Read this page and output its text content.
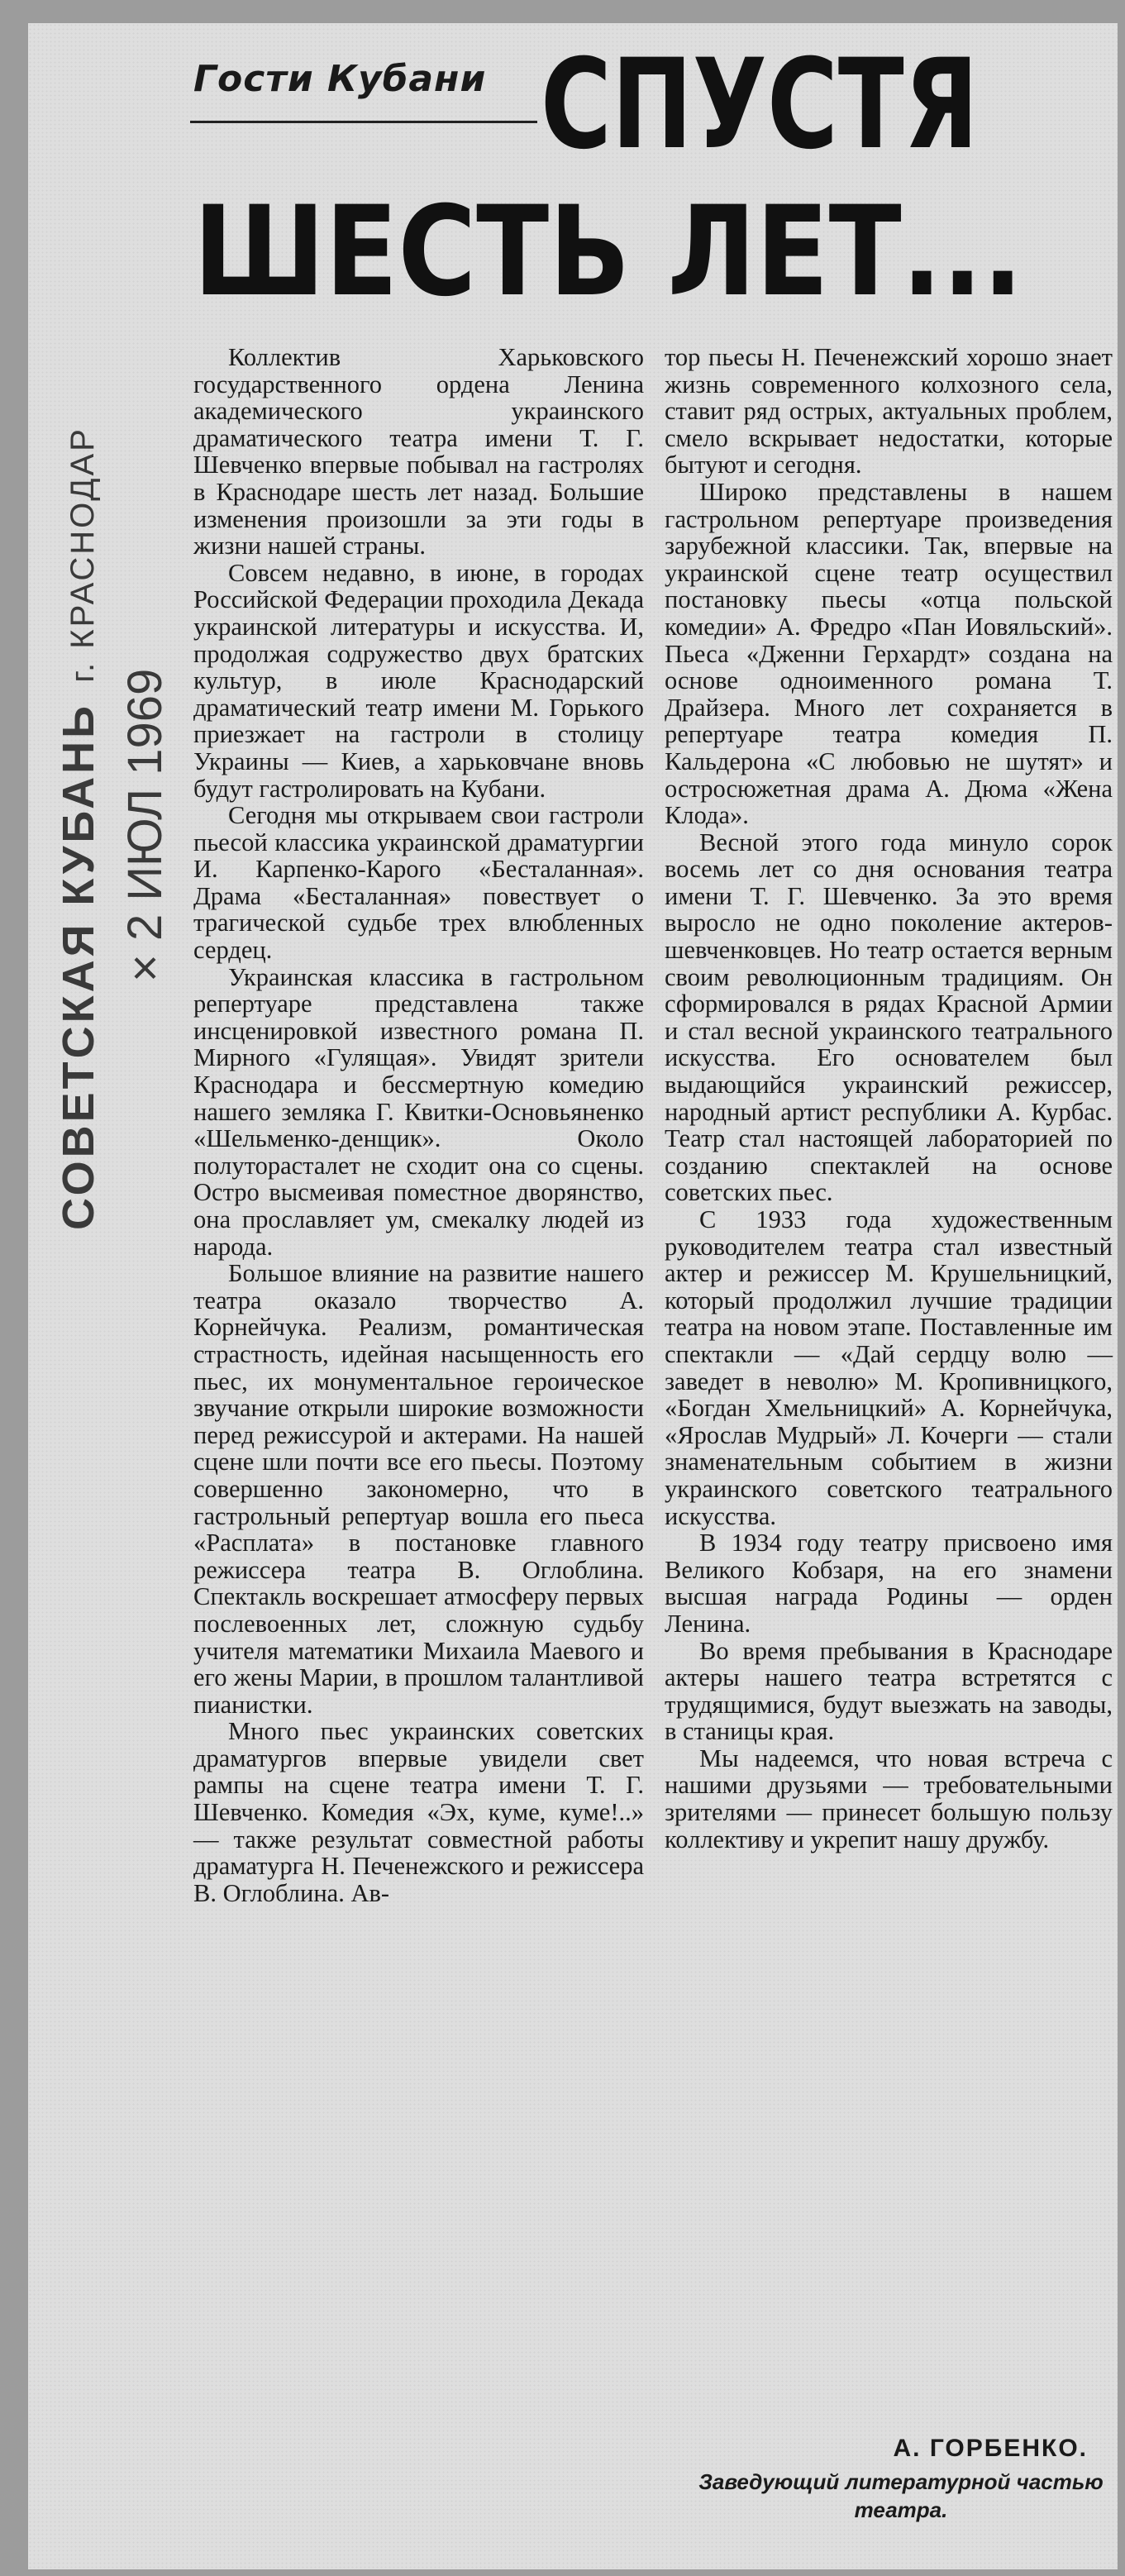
Гости Кубани СПУСТЯ
ШЕСТЬ ЛЕТ...
СОВЕТСКАЯ КУБАНЬ г. КРАСНОДАР
× 2 ИЮЛ 1969

Коллектив Харьковского государственного ордена Ленина академического украинского драматического театра имени Т. Г. Шевченко впервые побывал на гастролях в Краснодаре шесть лет назад. Большие изменения произошли за эти годы в жизни нашей страны.

Совсем недавно, в июне, в городах Российской Федерации проходила Декада украинской литературы и искусства. И, продолжая содружество двух братских культур, в июле Краснодарский драматический театр имени М. Горького приезжает на гастроли в столицу Украины — Киев, а харьковчане вновь будут гастролировать на Кубани.

Сегодня мы открываем свои гастроли пьесой классика украинской драматургии И. Карпенко-Карого «Бесталанная». Драма «Бесталанная» повествует о трагической судьбе трех влюбленных сердец.

Украинская классика в гастрольном репертуаре представлена также инсценировкой известного романа П. Мирного «Гулящая». Увидят зрители Краснодара и бессмертную комедию нашего земляка Г. Квитки-Основьяненко «Шельменко-денщик». Около полуторасталет не сходит она со сцены. Остро высмеивая поместное дворянство, она прославляет ум, смекалку людей из народа.

Большое влияние на развитие нашего театра оказало творчество А. Корнейчука. Реализм, романтическая страстность, идейная насыщенность его пьес, их монументальное героическое звучание открыли широкие возможности перед режиссурой и актерами. На нашей сцене шли почти все его пьесы. Поэтому совершенно закономерно, что в гастрольный репертуар вошла его пьеса «Расплата» в постановке главного режиссера театра В. Оглоблина. Спектакль воскрешает атмосферу первых послевоенных лет, сложную судьбу учителя математики Михаила Маевого и его жены Марии, в прошлом талантливой пианистки.

Много пьес украинских советских драматургов впервые увидели свет рампы на сцене театра имени Т. Г. Шевченко. Комедия «Эх, куме, куме!..» — также результат совместной работы драматурга Н. Печенежского и режиссера В. Оглоблина. Ав-

тор пьесы Н. Печенежский хорошо знает жизнь современного колхозного села, ставит ряд острых, актуальных проблем, смело вскрывает недостатки, которые бытуют и сегодня.

Широко представлены в нашем гастрольном репертуаре произведения зарубежной классики. Так, впервые на украинской сцене театр осуществил постановку пьесы «отца польской комедии» А. Фредро «Пан Иовяльский». Пьеса «Дженни Герхардт» создана на основе одноименного романа Т. Драйзера. Много лет сохраняется в репертуаре театра комедия П. Кальдерона «С любовью не шутят» и остросюжетная драма А. Дюма «Жена Клода».

Весной этого года минуло сорок восемь лет со дня основания театра имени Т. Г. Шевченко. За это время выросло не одно поколение актеров-шевченковцев. Но театр остается верным своим революционным традициям. Он сформировался в рядах Красной Армии и стал весной украинского театрального искусства. Его основателем был выдающийся украинский режиссер, народный артист республики А. Курбас. Театр стал настоящей лабораторией по созданию спектаклей на основе советских пьес.

С 1933 года художественным руководителем театра стал известный актер и режиссер М. Крушельницкий, который продолжил лучшие традиции театра на новом этапе. Поставленные им спектакли — «Дай сердцу волю — заведет в неволю» М. Кропивницкого, «Богдан Хмельницкий» А. Корнейчука, «Ярослав Мудрый» Л. Кочерги — стали знаменательным событием в жизни украинского советского театрального искусства.

В 1934 году театру присвоено имя Великого Кобзаря, на его знамени высшая награда Родины — орден Ленина.

Во время пребывания в Краснодаре актеры нашего театра встретятся с трудящимися, будут выезжать на заводы, в станицы края.

Мы надеемся, что новая встреча с нашими друзьями — требовательными зрителями — принесет большую пользу коллективу и укрепит нашу дружбу.

А. ГОРБЕНКО.
Заведующий литературной частью театра.
